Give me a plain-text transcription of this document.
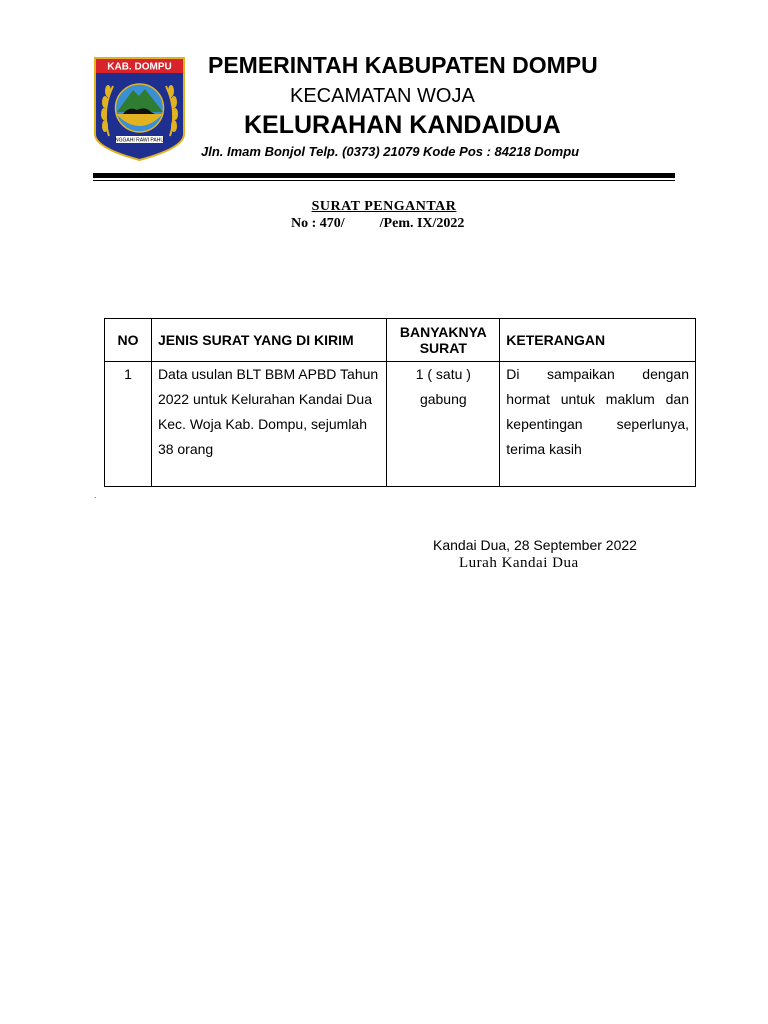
KAB. DOMPU
NGGAHI RAWI PAHU
PEMERINTAH KABUPATEN DOMPU
KECAMATAN WOJA
KELURAHAN KANDAIDUA
Jln. Imam Bonjol Telp. (0373) 21079 Kode Pos : 84218 Dompu
SURAT PENGANTAR
No : 470/          /Pem. IX/2022
NO	JENIS SURAT YANG DI KIRIM	BANYAKNYA SURAT	KETERANGAN
1	Data usulan BLT BBM APBD Tahun 2022 untuk Kelurahan Kandai Dua Kec. Woja Kab. Dompu, sejumlah 38 orang	1 ( satu ) gabung	Di sampaikan dengan hormat untuk maklum dan kepentingan seperlunya, terima kasih
.
Kandai Dua, 28 September 2022
Lurah Kandai Dua
